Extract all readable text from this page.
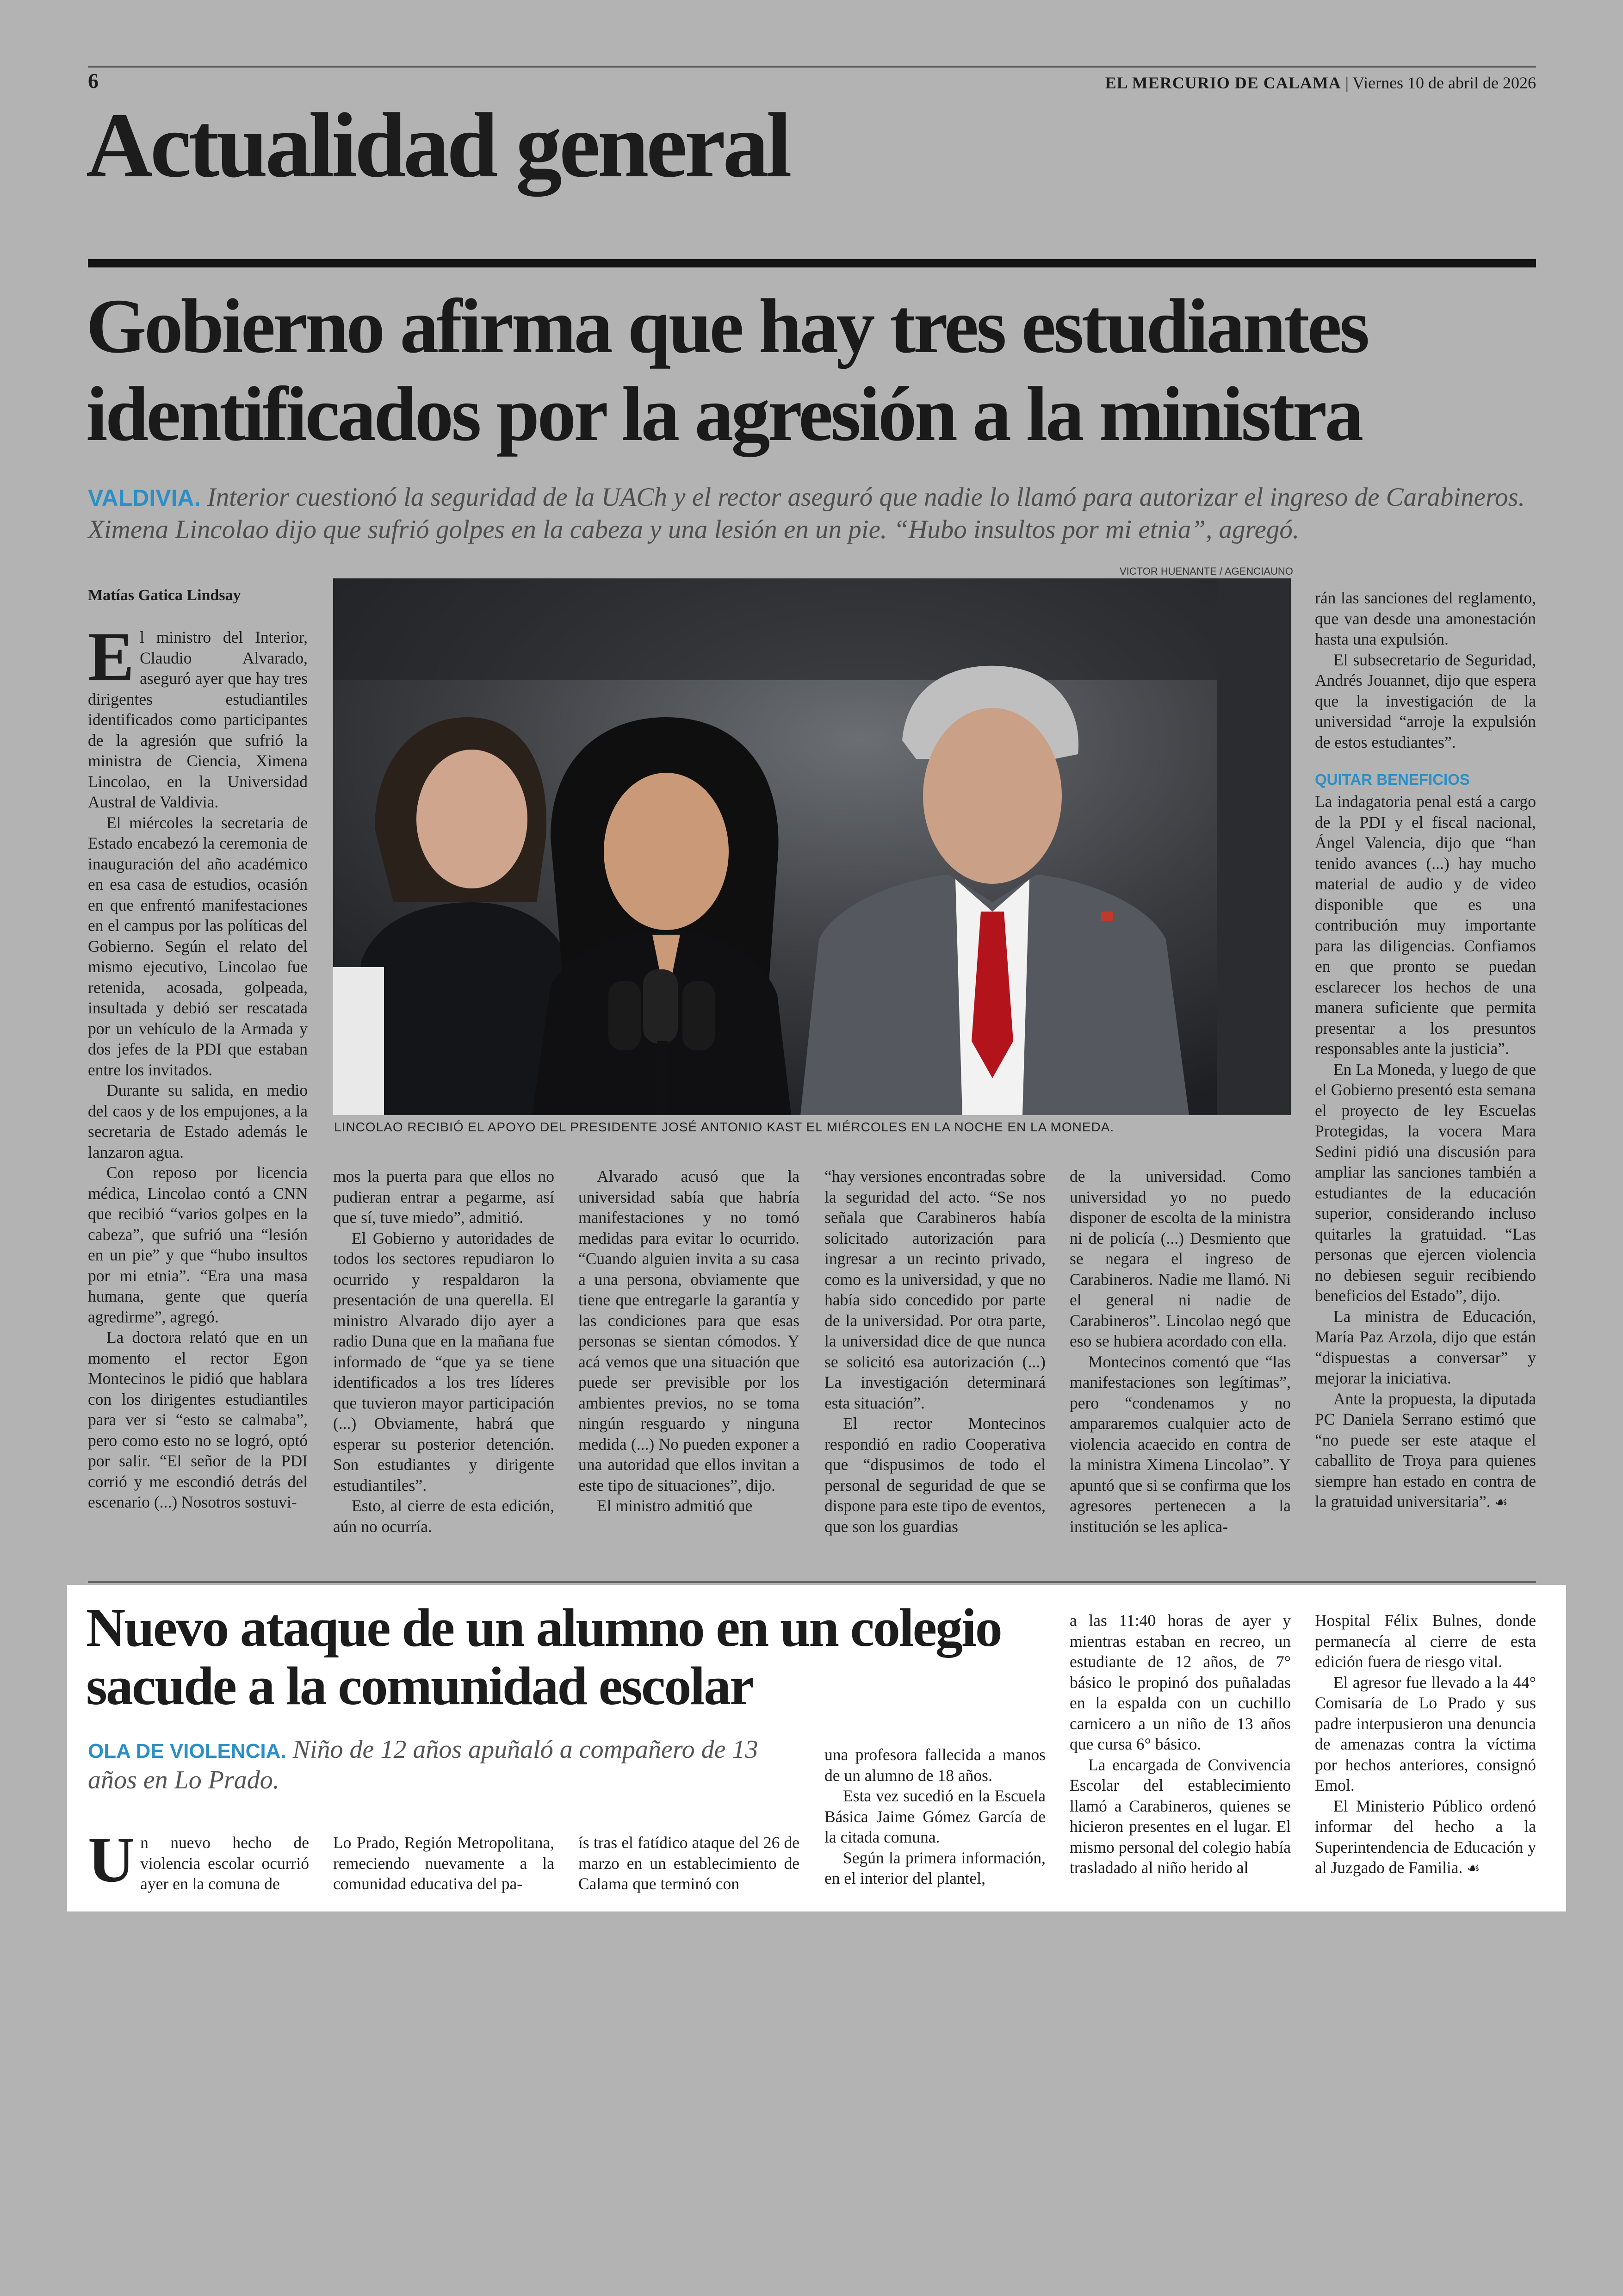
6	EL MERCURIO DE CALAMA | Viernes 10 de abril de 2026
Actualidad general
Gobierno afirma que hay tres estudiantes identificados por la agresión a la ministra
VALDIVIA. Interior cuestionó la seguridad de la UACh y el rector aseguró que nadie lo llamó para autorizar el ingreso de Carabineros. Ximena Lincolao dijo que sufrió golpes en la cabeza y una lesión en un pie. “Hubo insultos por mi etnia”, agregó.
VICTOR HUENANTE / AGENCIAUNO
Matías Gatica Lindsay

El ministro del Interior, Claudio Alvarado, aseguró ayer que hay tres dirigentes estudiantiles identificados como participantes de la agresión que sufrió la ministra de Ciencia, Ximena Lincolao, en la Universidad Austral de Valdivia.

El miércoles la secretaria de Estado encabezó la ceremonia de inauguración del año académico en esa casa de estudios, ocasión en que enfrentó manifestaciones en el campus por las políticas del Gobierno. Según el relato del mismo ejecutivo, Lincolao fue retenida, acosada, golpeada, insultada y debió ser rescatada por un vehículo de la Armada y dos jefes de la PDI que estaban entre los invitados.

Durante su salida, en medio del caos y de los empujones, a la secretaria de Estado además le lanzaron agua.

Con reposo por licencia médica, Lincolao contó a CNN que recibió “varios golpes en la cabeza”, que sufrió una “lesión en un pie” y que “hubo insultos por mi etnia”. “Era una masa humana, gente que quería agredirme”, agregó.

La doctora relató que en un momento el rector Egon Montecinos le pidió que hablara con los dirigentes estudiantiles para ver si “esto se calmaba”, pero como esto no se logró, optó por salir. “El señor de la PDI corrió y me escondió detrás del escenario (...) Nosotros sostuvi-

LINCOLAO RECIBIÓ EL APOYO DEL PRESIDENTE JOSÉ ANTONIO KAST EL MIÉRCOLES EN LA NOCHE EN LA MONEDA.

mos la puerta para que ellos no pudieran entrar a pegarme, así que sí, tuve miedo”, admitió.

El Gobierno y autoridades de todos los sectores repudiaron lo ocurrido y respaldaron la presentación de una querella. El ministro Alvarado dijo ayer a radio Duna que en la mañana fue informado de “que ya se tiene identificados a los tres líderes que tuvieron mayor participación (...) Obviamente, habrá que esperar su posterior detención. Son estudiantes y dirigente estudiantiles”.

Esto, al cierre de esta edición, aún no ocurría.

Alvarado acusó que la universidad sabía que habría manifestaciones y no tomó medidas para evitar lo ocurrido. “Cuando alguien invita a su casa a una persona, obviamente que tiene que entregarle la garantía y las condiciones para que esas personas se sientan cómodos. Y acá vemos que una situación que puede ser previsible por los ambientes previos, no se toma ningún resguardo y ninguna medida (...) No pueden exponer a una autoridad que ellos invitan a este tipo de situaciones”, dijo.

El ministro admitió que

“hay versiones encontradas sobre la seguridad del acto. “Se nos señala que Carabineros había solicitado autorización para ingresar a un recinto privado, como es la universidad, y que no había sido concedido por parte de la universidad. Por otra parte, la universidad dice de que nunca se solicitó esa autorización (...) La investigación determinará esta situación”.

El rector Montecinos respondió en radio Cooperativa que “dispusimos de todo el personal de seguridad de que se dispone para este tipo de eventos, que son los guardias

de la universidad. Como universidad yo no puedo disponer de escolta de la ministra ni de policía (...) Desmiento que se negara el ingreso de Carabineros. Nadie me llamó. Ni el general ni nadie de Carabineros”. Lincolao negó que eso se hubiera acordado con ella.

Montecinos comentó que “las manifestaciones son legítimas”, pero “condenamos y no ampararemos cualquier acto de violencia acaecido en contra de la ministra Ximena Lincolao”. Y apuntó que si se confirma que los agresores pertenecen a la institución se les aplica-

rán las sanciones del reglamento, que van desde una amonestación hasta una expulsión.

El subsecretario de Seguridad, Andrés Jouannet, dijo que espera que la investigación de la universidad “arroje la expulsión de estos estudiantes”.

QUITAR BENEFICIOS

La indagatoria penal está a cargo de la PDI y el fiscal nacional, Ángel Valencia, dijo que “han tenido avances (...) hay mucho material de audio y de video disponible que es una contribución muy importante para las diligencias. Confiamos en que pronto se puedan esclarecer los hechos de una manera suficiente que permita presentar a los presuntos responsables ante la justicia”.

En La Moneda, y luego de que el Gobierno presentó esta semana el proyecto de ley Escuelas Protegidas, la vocera Mara Sedini pidió una discusión para ampliar las sanciones también a estudiantes de la educación superior, considerando incluso quitarles la gratuidad. “Las personas que ejercen violencia no debiesen seguir recibiendo beneficios del Estado”, dijo.

La ministra de Educación, María Paz Arzola, dijo que están “dispuestas a conversar” y mejorar la iniciativa.

Ante la propuesta, la diputada PC Daniela Serrano estimó que “no puede ser este ataque el caballito de Troya para quienes siempre han estado en contra de la gratuidad universitaria”. ☙

Nuevo ataque de un alumno en un colegio sacude a la comunidad escolar
OLA DE VIOLENCIA. Niño de 12 años apuñaló a compañero de 13 años en Lo Prado.

Un nuevo hecho de violencia escolar ocurrió ayer en la comuna de

Lo Prado, Región Metropolitana, remeciendo nuevamente a la comunidad educativa del pa-

ís tras el fatídico ataque del 26 de marzo en un establecimiento de Calama que terminó con

una profesora fallecida a manos de un alumno de 18 años.

Esta vez sucedió en la Escuela Básica Jaime Gómez García de la citada comuna.

Según la primera información, en el interior del plantel,

a las 11:40 horas de ayer y mientras estaban en recreo, un estudiante de 12 años, de 7° básico le propinó dos puñaladas en la espalda con un cuchillo carnicero a un niño de 13 años que cursa 6° básico.

La encargada de Convivencia Escolar del establecimiento llamó a Carabineros, quienes se hicieron presentes en el lugar. El mismo personal del colegio había trasladado al niño herido al

Hospital Félix Bulnes, donde permanecía al cierre de esta edición fuera de riesgo vital.

El agresor fue llevado a la 44° Comisaría de Lo Prado y sus padre interpusieron una denuncia de amenazas contra la víctima por hechos anteriores, consignó Emol.

El Ministerio Público ordenó informar del hecho a la Superintendencia de Educación y al Juzgado de Familia. ☙
